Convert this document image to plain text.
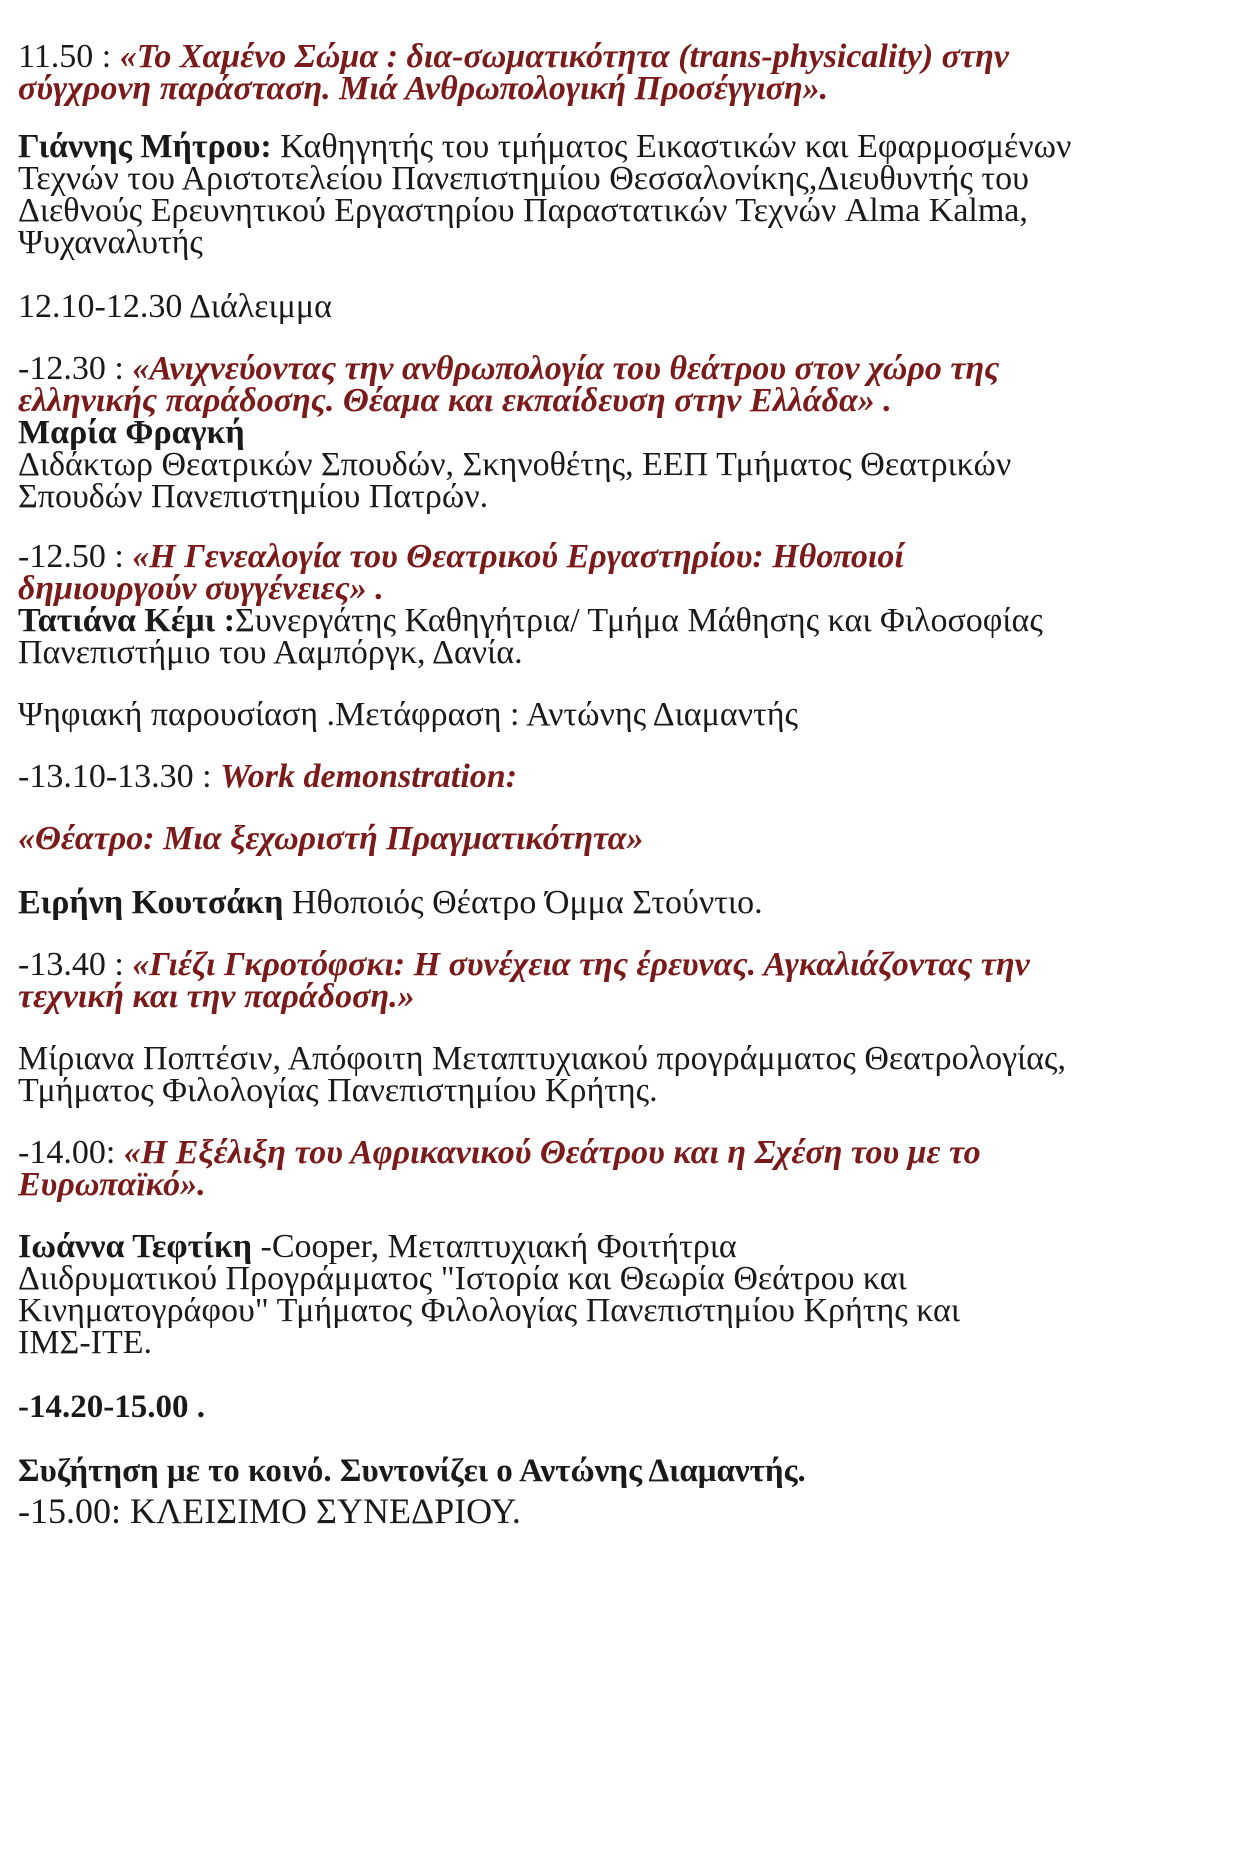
11.50 : «Το Χαμένο Σώμα : δια-σωματικότητα (trans-physicality) στην
σύγχρονη παράσταση. Μιά Ανθρωπολογική Προσέγγιση».
Γιάννης Μήτρου: Καθηγητής του τμήματος Εικαστικών και Εφαρμοσμένων
Τεχνών του Αριστοτελείου Πανεπιστημίου Θεσσαλονίκης,Διευθυντής του
Διεθνούς Ερευνητικού Εργαστηρίου Παραστατικών Τεχνών Alma Kalma,
Ψυχαναλυτής
12.10-12.30 Διάλειμμα
-12.30 : «Ανιχνεύοντας την ανθρωπολογία του θεάτρου στον χώρο της
ελληνικής παράδοσης. Θέαμα και εκπαίδευση στην Ελλάδα» .
Μαρία Φραγκή
Διδάκτωρ Θεατρικών Σπουδών, Σκηνοθέτης, ΕΕΠ Τμήματος Θεατρικών
Σπουδών Πανεπιστημίου Πατρών.
-12.50 : «Η Γενεαλογία του Θεατρικού Εργαστηρίου: Ηθοποιοί
δημιουργούν συγγένειες» .
Τατιάνα Κέμι :Συνεργάτης Καθηγήτρια/ Τμήμα Μάθησης και Φιλοσοφίας
Πανεπιστήμιο του Ααμπόργκ, Δανία.
Ψηφιακή παρουσίαση .Μετάφραση : Αντώνης Διαμαντής
-13.10-13.30 : Work demonstration:
«Θέατρο: Μια ξεχωριστή Πραγματικότητα»
Ειρήνη Κουτσάκη Ηθοποιός Θέατρο Όμμα Στούντιο.
-13.40 : «Γιέζι Γκροτόφσκι: Η συνέχεια της έρευνας. Αγκαλιάζοντας την
τεχνική και την παράδοση.»
Μίριανα Ποπτέσιν, Απόφοιτη Μεταπτυχιακού προγράμματος Θεατρολογίας,
Τμήματος Φιλολογίας Πανεπιστημίου Κρήτης.
-14.00: «Η Εξέλιξη του Αφρικανικού Θεάτρου και η Σχέση του με το
Ευρωπαϊκό».
Ιωάννα Τεφτίκη -Cooper, Μεταπτυχιακή Φοιτήτρια
Διιδρυματικού Προγράμματος "Ιστορία και Θεωρία Θεάτρου και
Κινηματογράφου" Τμήματος Φιλολογίας Πανεπιστημίου Κρήτης και
ΙΜΣ-ΙΤΕ.
-14.20-15.00 .
Συζήτηση με το κοινό. Συντονίζει ο Αντώνης Διαμαντής.
-15.00: ΚΛΕΙΣΙΜΟ ΣΥΝΕΔΡΙΟΥ.
